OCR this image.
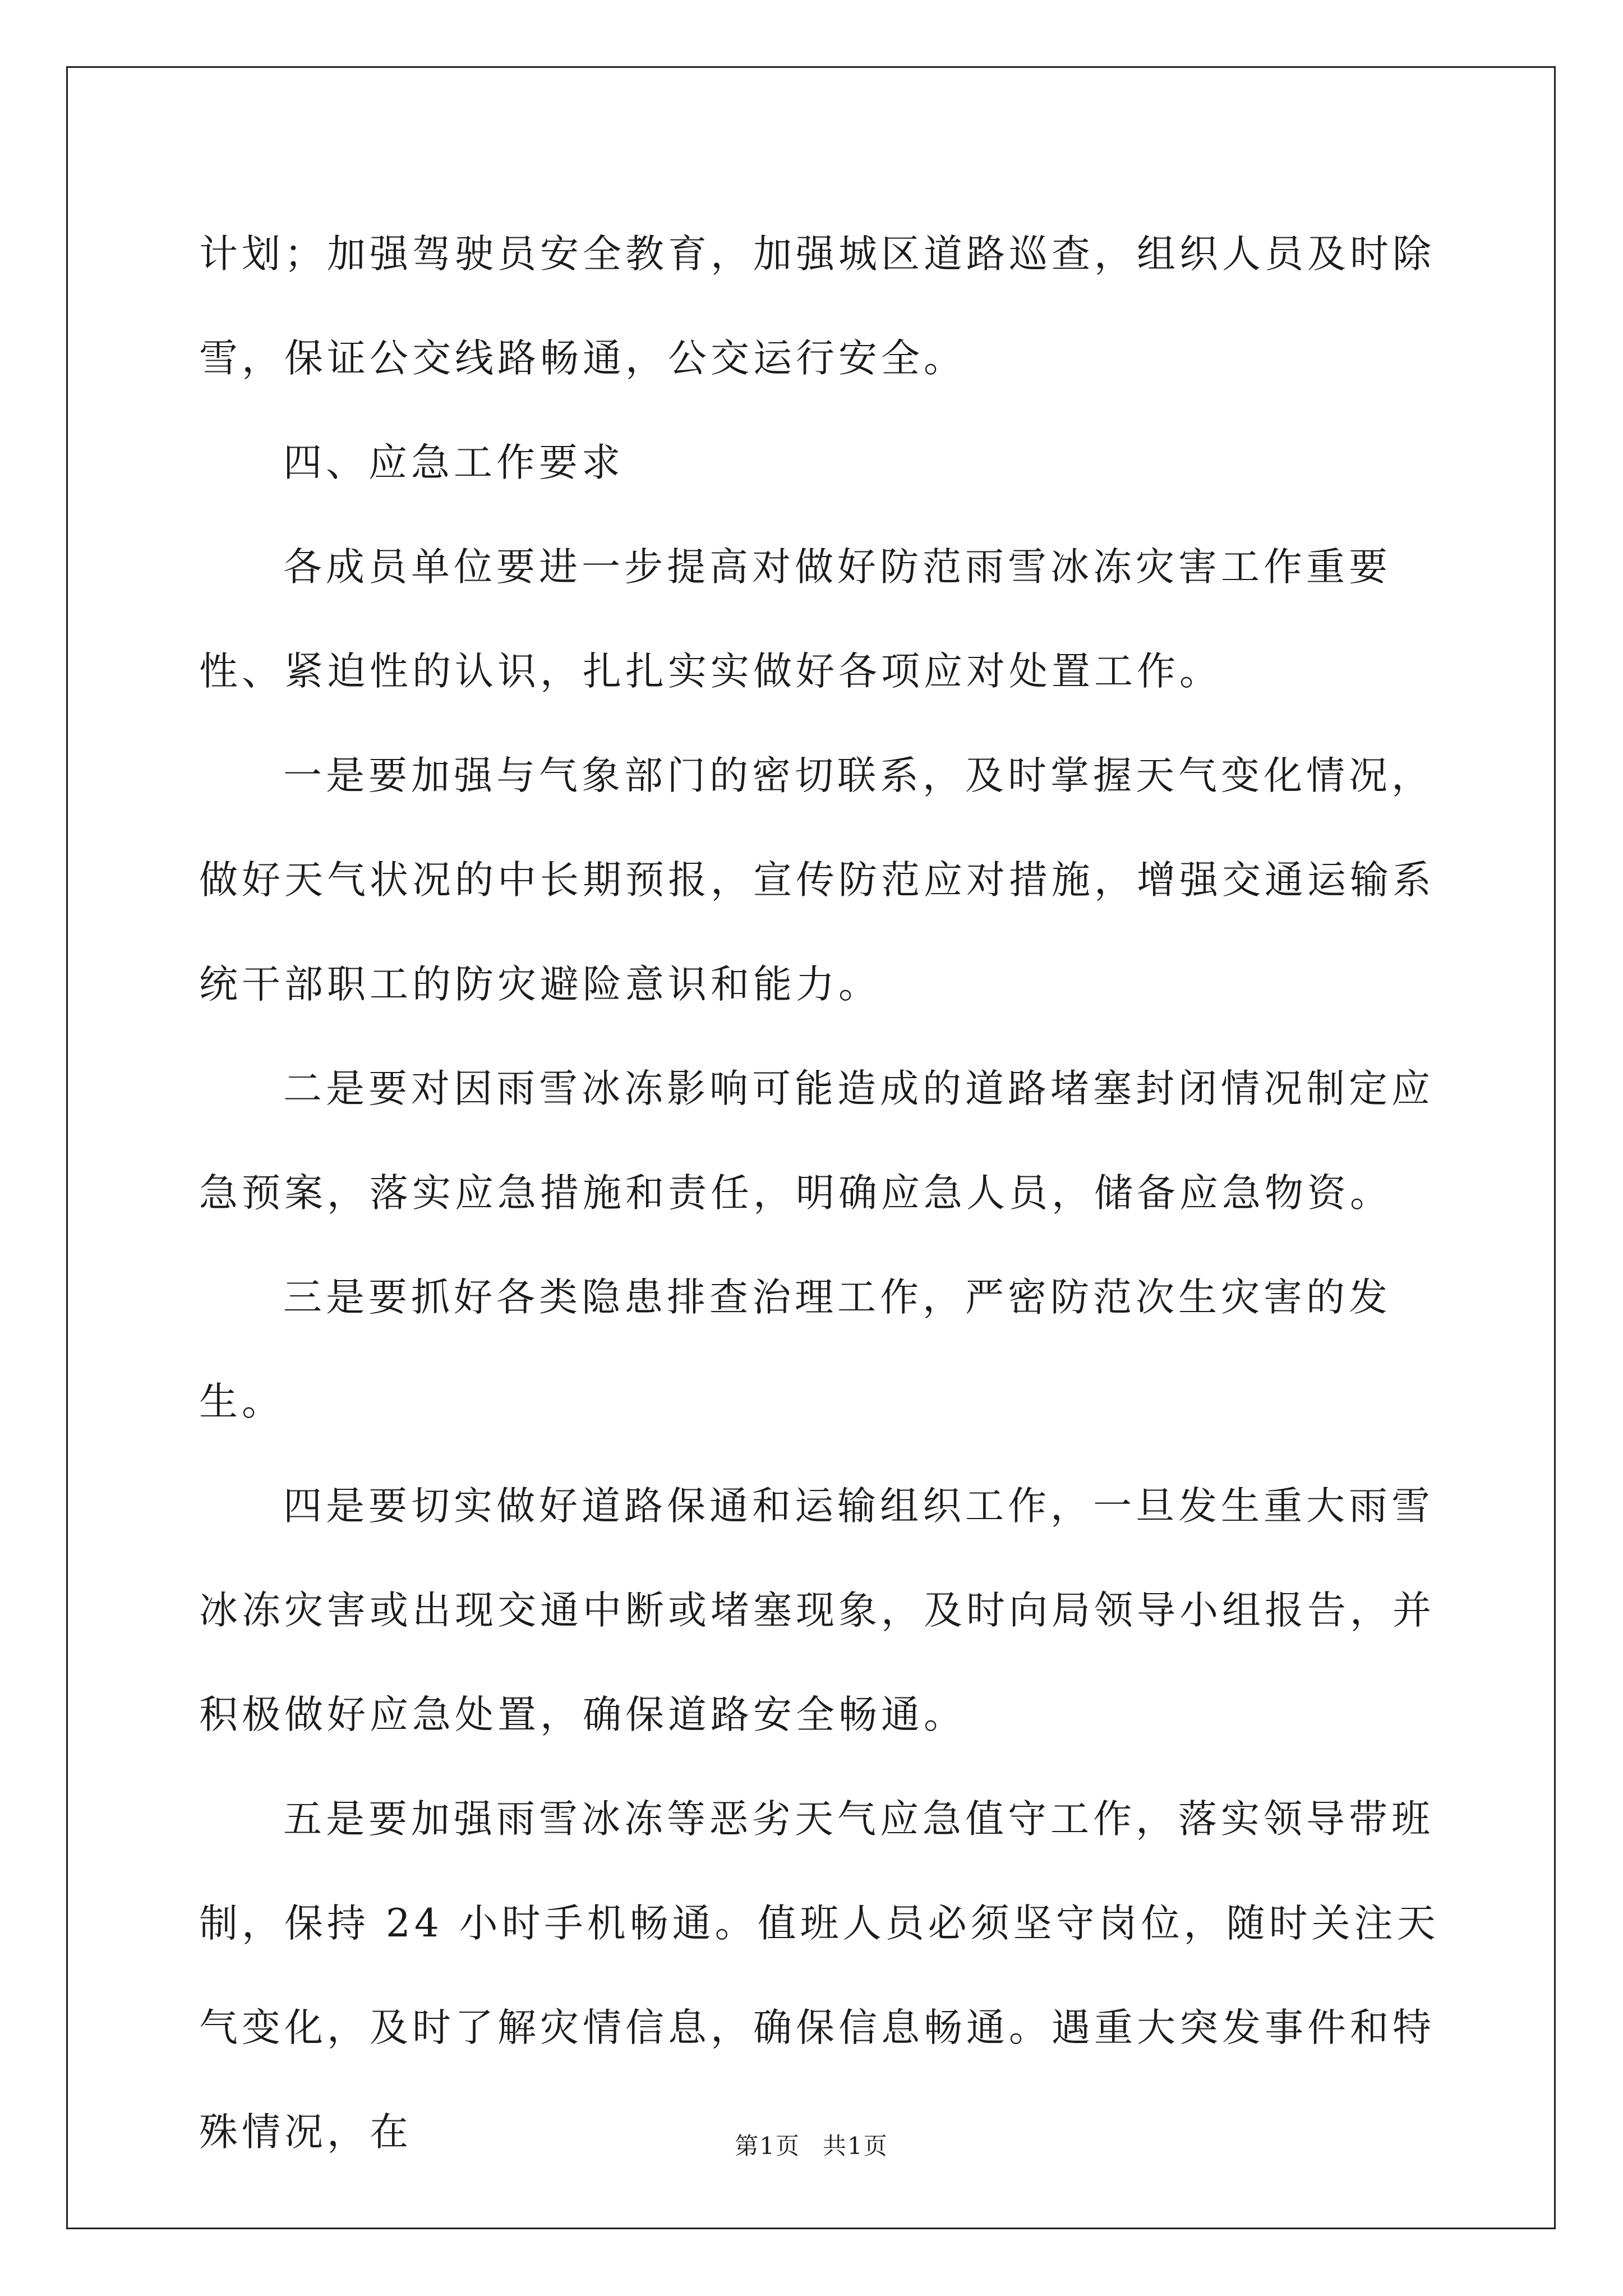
计划；加强驾驶员安全教育，加强城区道路巡查，组织人员及时除雪，保证公交线路畅通，公交运行安全。

四、应急工作要求

各成员单位要进一步提高对做好防范雨雪冰冻灾害工作重要性、紧迫性的认识，扎扎实实做好各项应对处置工作。

一是要加强与气象部门的密切联系，及时掌握天气变化情况，做好天气状况的中长期预报，宣传防范应对措施，增强交通运输系统干部职工的防灾避险意识和能力。

二是要对因雨雪冰冻影响可能造成的道路堵塞封闭情况制定应急预案，落实应急措施和责任，明确应急人员，储备应急物资。

三是要抓好各类隐患排查治理工作，严密防范次生灾害的发生。

四是要切实做好道路保通和运输组织工作，一旦发生重大雨雪冰冻灾害或出现交通中断或堵塞现象，及时向局领导小组报告，并积极做好应急处置，确保道路安全畅通。

五是要加强雨雪冰冻等恶劣天气应急值守工作，落实领导带班制，保持 24 小时手机畅通。值班人员必须坚守岗位，随时关注天气变化，及时了解灾情信息，确保信息畅通。遇重大突发事件和特殊情况，在	第1页 共1页
